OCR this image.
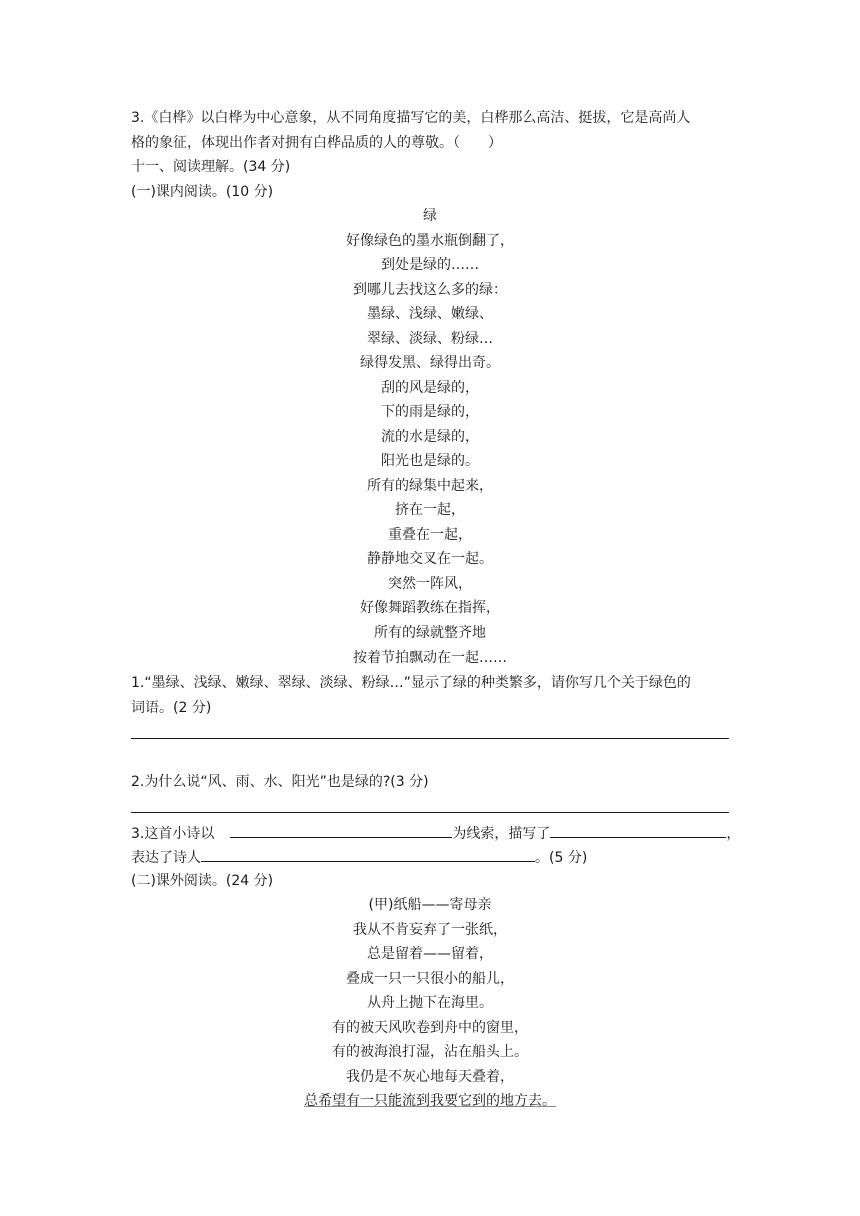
3.《白桦》以白桦为中心意象，从不同角度描写它的美，白桦那么高洁、挺拔，它是高尚人
格的象征，体现出作者对拥有白桦品质的人的尊敬。（　　）
十一、阅读理解。(34 分)
(一)课内阅读。(10 分)
绿
好像绿色的墨水瓶倒翻了，
到处是绿的……
到哪儿去找这么多的绿：
墨绿、浅绿、嫩绿、
翠绿、淡绿、粉绿…
绿得发黑、绿得出奇。
刮的风是绿的，
下的雨是绿的，
流的水是绿的，
阳光也是绿的。
所有的绿集中起来，
挤在一起，
重叠在一起，
静静地交叉在一起。
突然一阵风，
好像舞蹈教练在指挥，
所有的绿就整齐地
按着节拍飘动在一起……
1.“墨绿、浅绿、嫩绿、翠绿、淡绿、粉绿…”显示了绿的种类繁多，请你写几个关于绿色的
词语。(2 分)
2.为什么说“风、雨、水、阳光”也是绿的?(3 分)
3.这首小诗以	为线索，描写了	，
表达了诗人	。(5 分)
(二)课外阅读。(24 分)
(甲)纸船——寄母亲
我从不肯妄弃了一张纸，
总是留着——留着，
叠成一只一只很小的船儿，
从舟上抛下在海里。
有的被天风吹卷到舟中的窗里，
有的被海浪打湿，沾在船头上。
我仍是不灰心地每天叠着，
总希望有一只能流到我要它到的地方去。
